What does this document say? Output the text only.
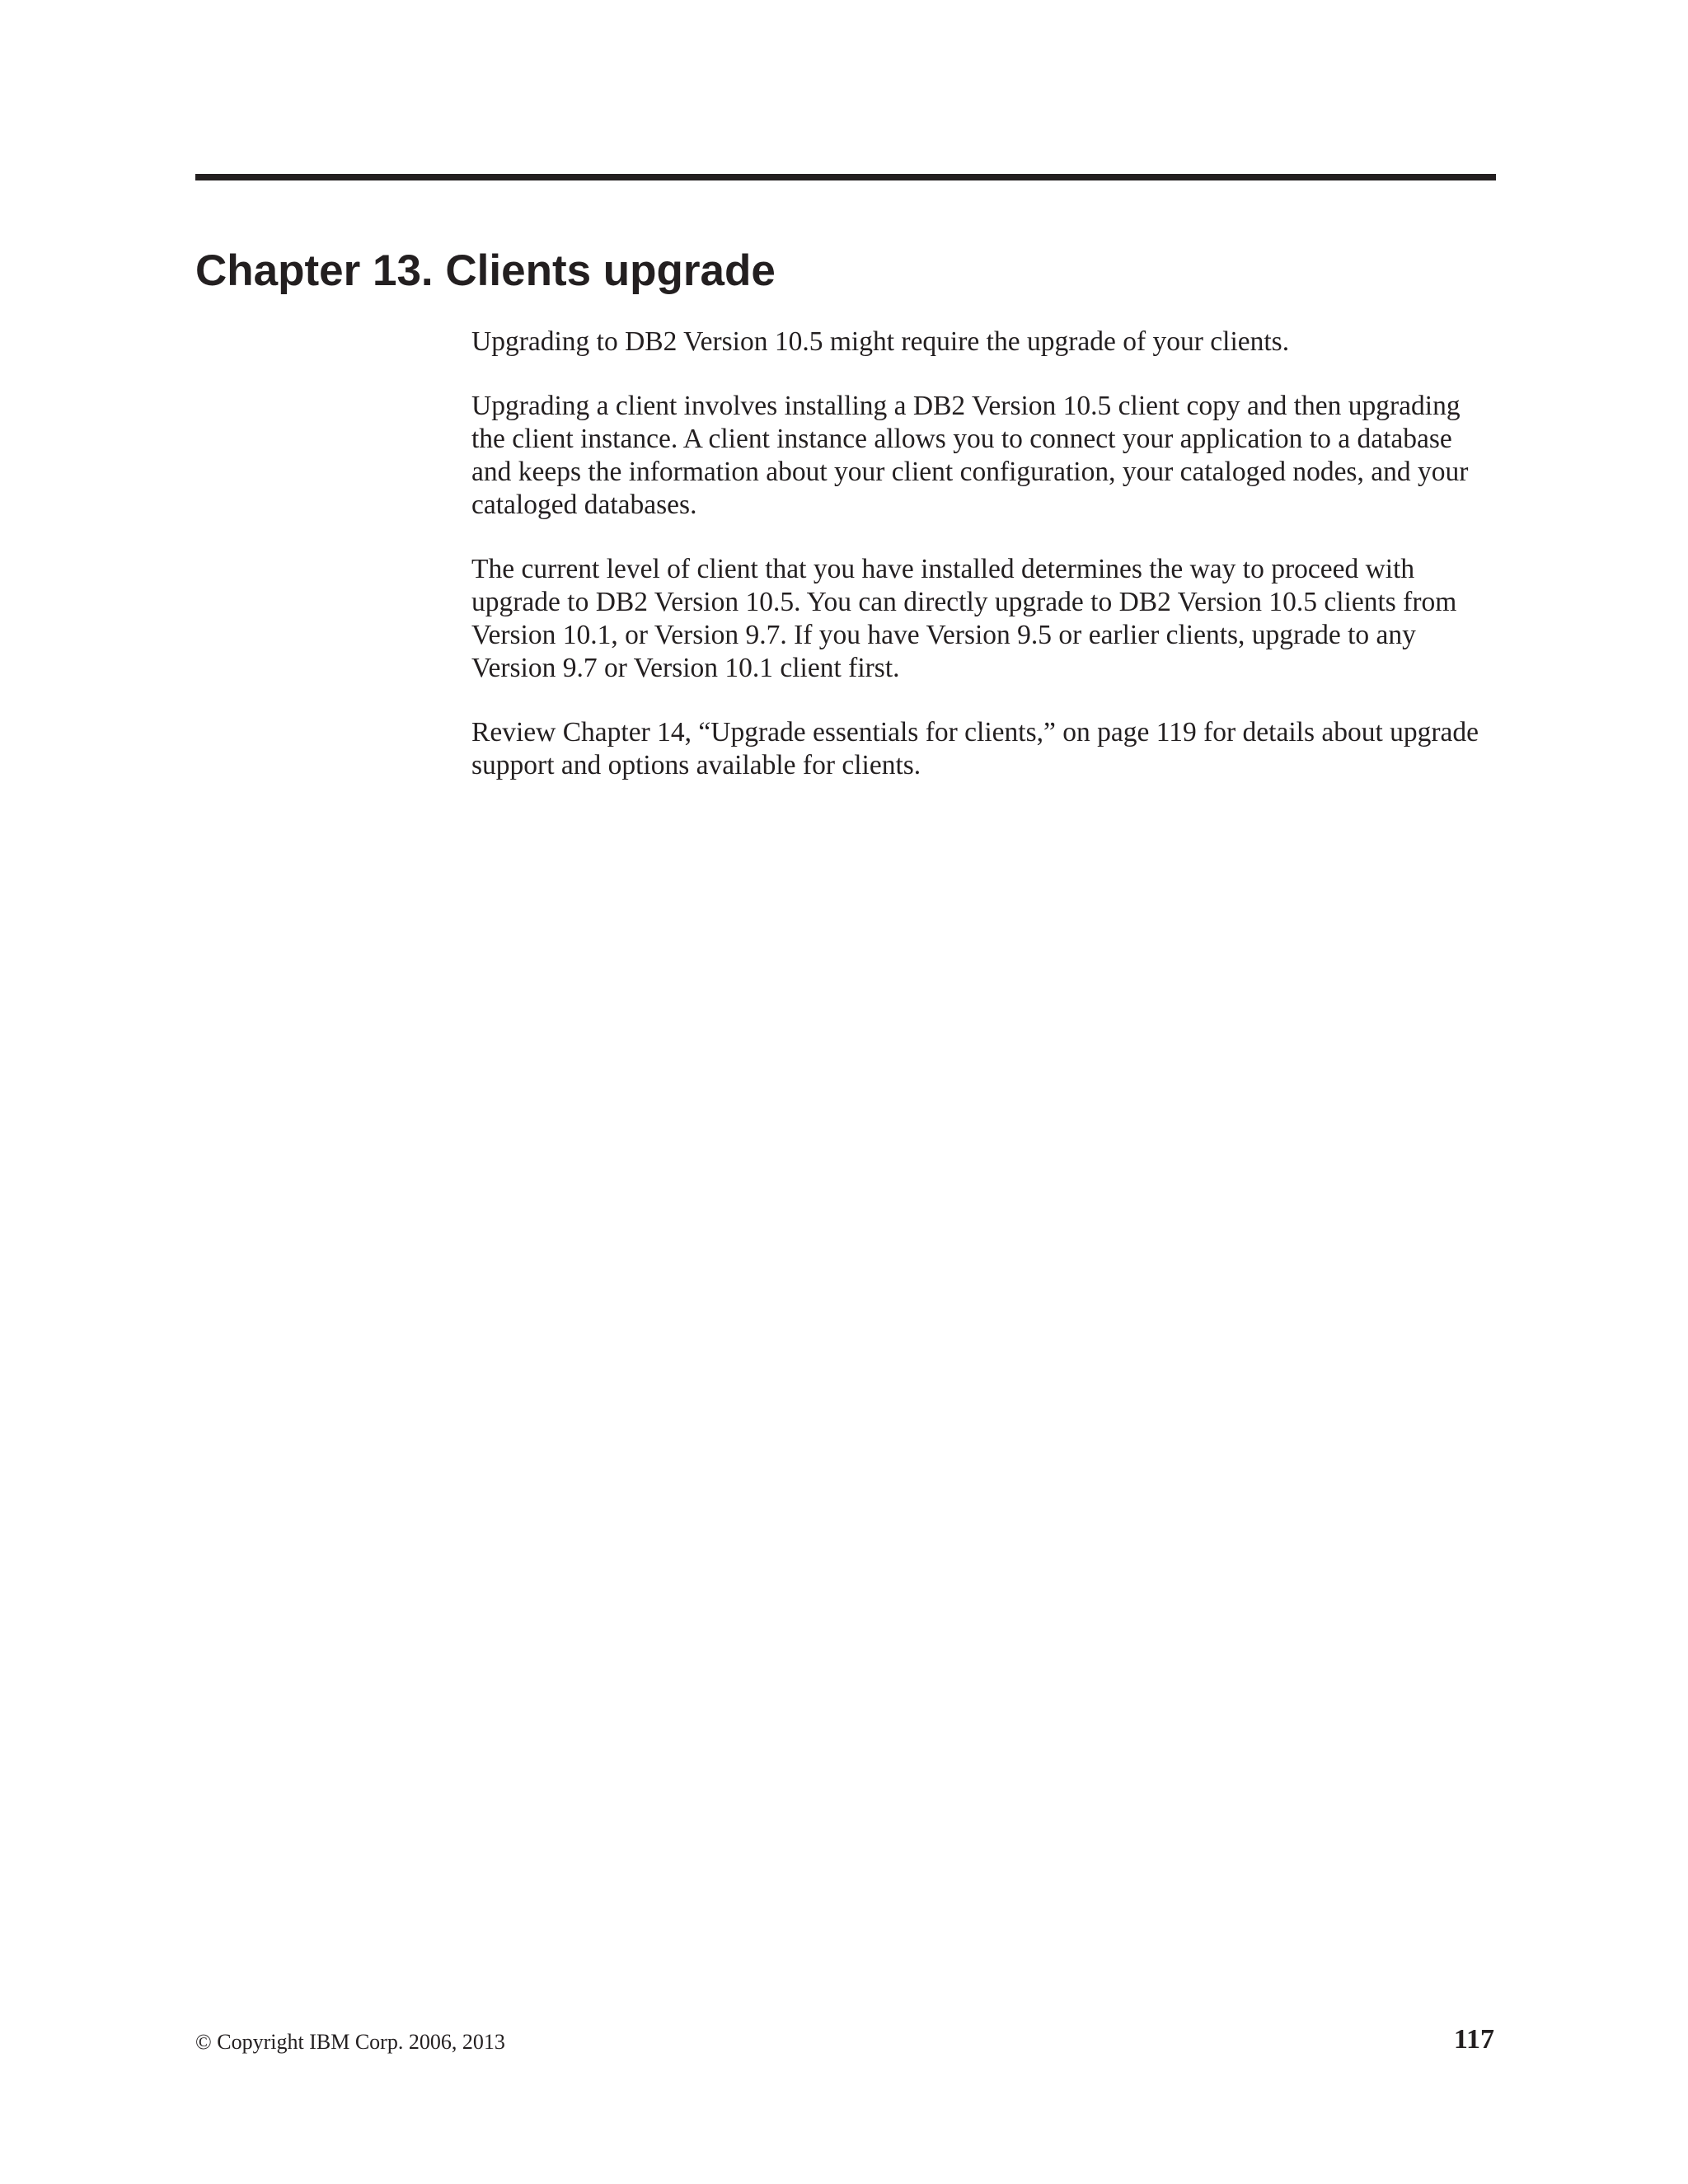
Chapter 13. Clients upgrade

Upgrading to DB2 Version 10.5 might require the upgrade of your clients.

Upgrading a client involves installing a DB2 Version 10.5 client copy and then upgrading the client instance. A client instance allows you to connect your application to a database and keeps the information about your client configuration, your cataloged nodes, and your cataloged databases.

The current level of client that you have installed determines the way to proceed with upgrade to DB2 Version 10.5. You can directly upgrade to DB2 Version 10.5 clients from Version 10.1, or Version 9.7. If you have Version 9.5 or earlier clients, upgrade to any Version 9.7 or Version 10.1 client first.

Review Chapter 14, “Upgrade essentials for clients,” on page 119 for details about upgrade support and options available for clients.

© Copyright IBM Corp. 2006, 2013	117
